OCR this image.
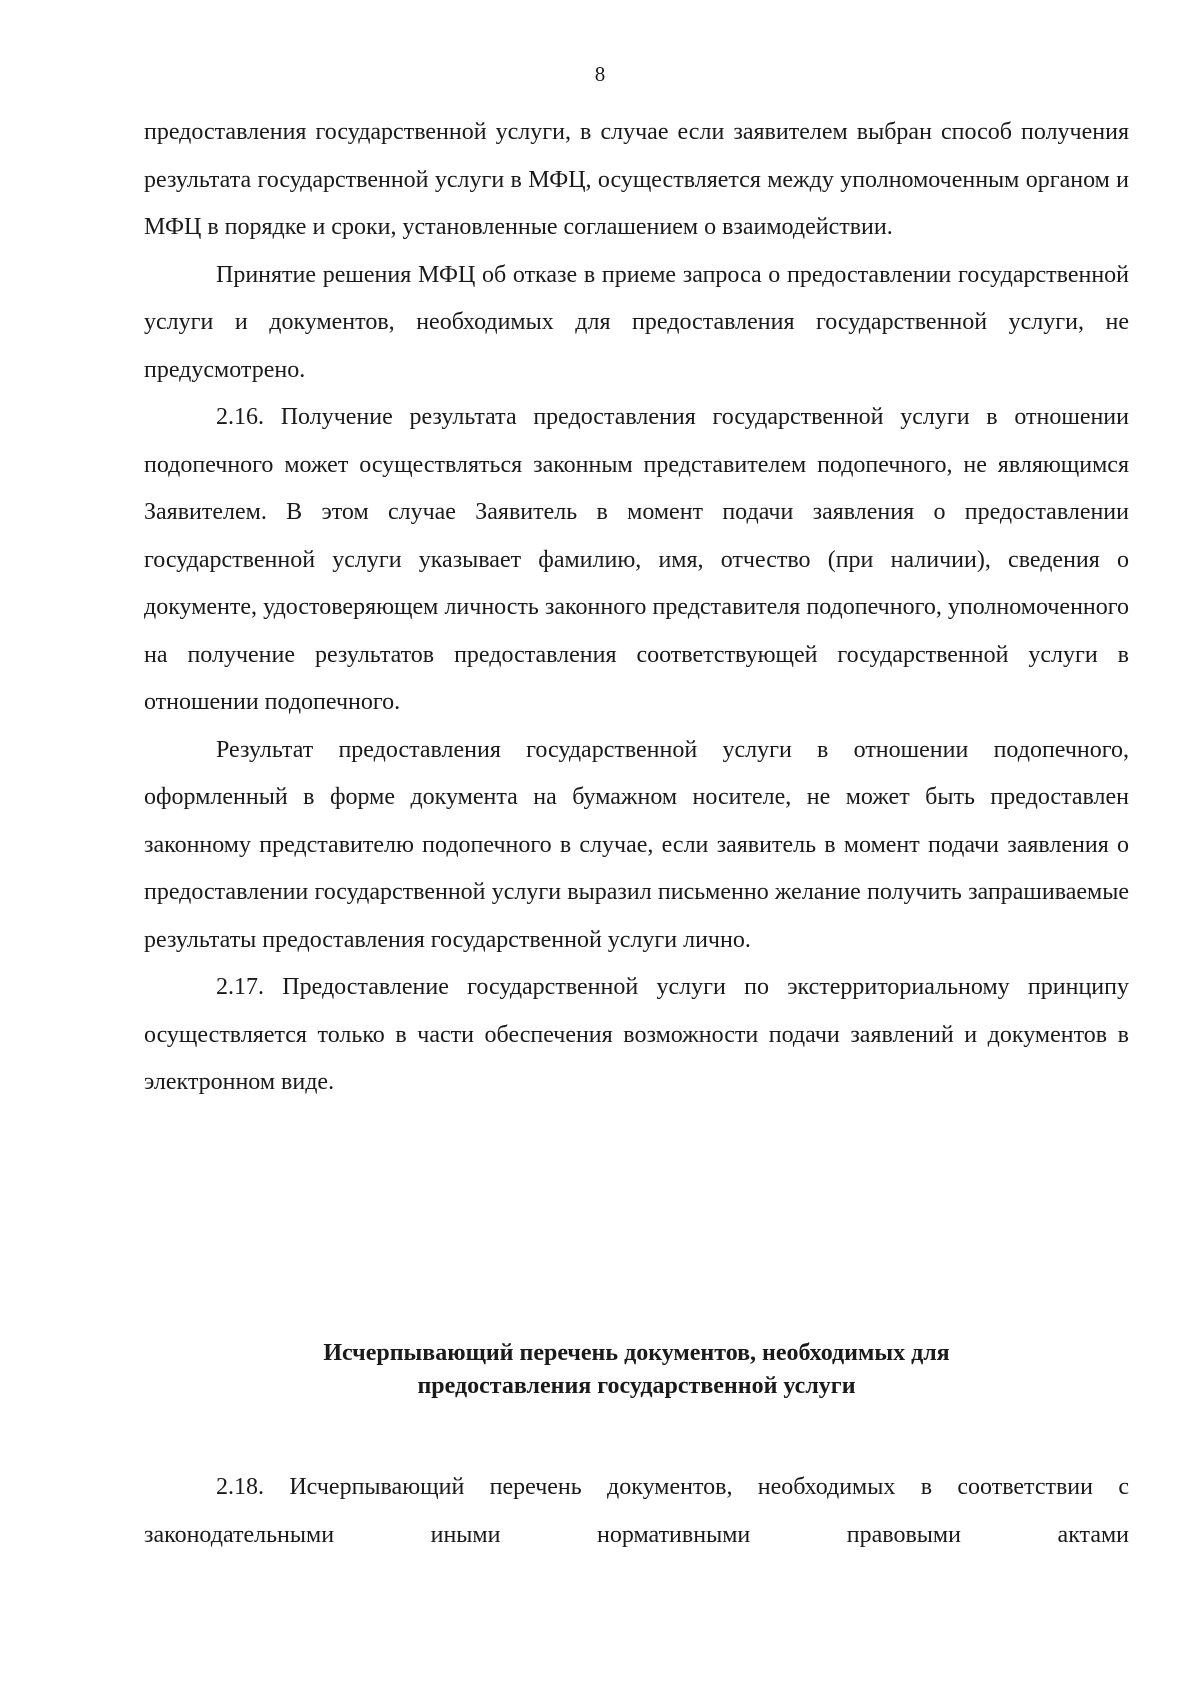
8

предоставления государственной услуги, в случае если заявителем выбран способ получения результата государственной услуги в МФЦ, осуществляется между уполномоченным органом и МФЦ в порядке и сроки, установленные соглашением о взаимодействии.

Принятие решения МФЦ об отказе в приеме запроса о предоставлении государственной услуги и документов, необходимых для предоставления государственной услуги, не предусмотрено.

2.16. Получение результата предоставления государственной услуги в отношении подопечного может осуществляться законным представителем подопечного, не являющимся Заявителем. В этом случае Заявитель в момент подачи заявления о предоставлении государственной услуги указывает фамилию, имя, отчество (при наличии), сведения о документе, удостоверяющем личность законного представителя подопечного, уполномоченного на получение результатов предоставления соответствующей государственной услуги в отношении подопечного.

Результат предоставления государственной услуги в отношении подопечного, оформленный в форме документа на бумажном носителе, не может быть предоставлен законному представителю подопечного в случае, если заявитель в момент подачи заявления о предоставлении государственной услуги выразил письменно желание получить запрашиваемые результаты предоставления государственной услуги лично.

2.17. Предоставление государственной услуги по экстерриториальному принципу осуществляется только в части обеспечения возможности подачи заявлений и документов в электронном виде.

Исчерпывающий перечень документов, необходимых для
предоставления государственной услуги

2.18. Исчерпывающий перечень документов, необходимых в соответствии с законодательными иными нормативными правовыми актами
